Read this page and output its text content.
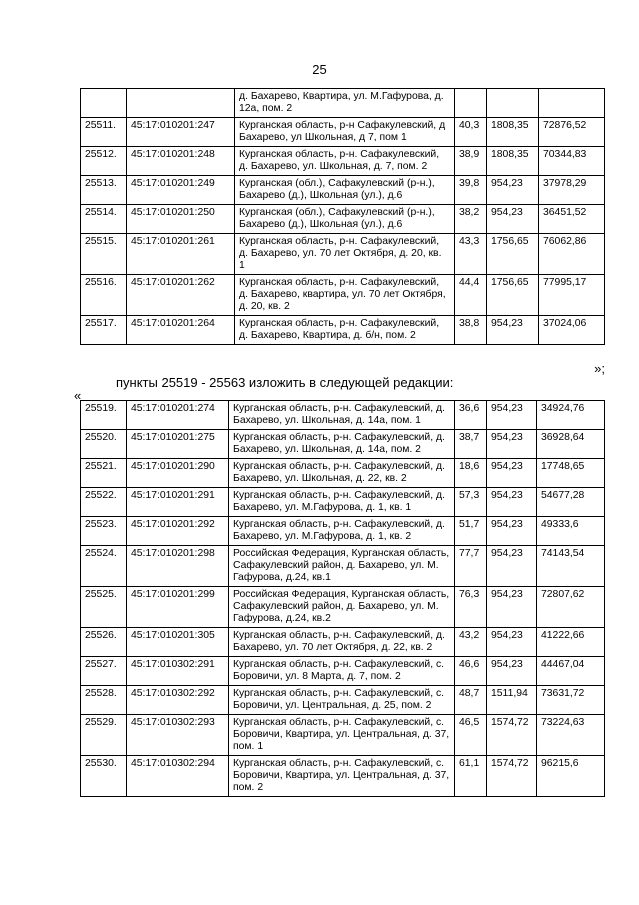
25
		д. Бахарево, Квартира, ул. М.Гафурова, д. 12а, пом. 2			
25511.	45:17:010201:247	Курганская область, р-н Сафакулевский, д Бахарево, ул Школьная, д 7, пом 1	40,3	1808,35	72876,52
25512.	45:17:010201:248	Курганская область, р-н. Сафакулевский, д. Бахарево, ул. Школьная, д. 7, пом. 2	38,9	1808,35	70344,83
25513.	45:17:010201:249	Курганская (обл.), Сафакулевский (р-н.), Бахарево (д.), Школьная (ул.), д.6	39,8	954,23	37978,29
25514.	45:17:010201:250	Курганская (обл.), Сафакулевский (р-н.), Бахарево (д.), Школьная (ул.), д.6	38,2	954,23	36451,52
25515.	45:17:010201:261	Курганская область, р-н. Сафакулевский, д. Бахарево, ул. 70 лет Октября, д. 20, кв. 1	43,3	1756,65	76062,86
25516.	45:17:010201:262	Курганская область, р-н. Сафакулевский, д. Бахарево, квартира, ул. 70 лет Октября, д. 20, кв. 2	44,4	1756,65	77995,17
25517.	45:17:010201:264	Курганская область, р-н. Сафакулевский, д. Бахарево, Квартира, д. б/н, пом. 2	38,8	954,23	37024,06
»;
пункты 25519 - 25563 изложить в следующей редакции:
«
25519.	45:17:010201:274	Курганская область, р-н. Сафакулевский, д. Бахарево, ул. Школьная, д. 14а, пом. 1	36,6	954,23	34924,76
25520.	45:17:010201:275	Курганская область, р-н. Сафакулевский, д. Бахарево, ул. Школьная, д. 14а, пом. 2	38,7	954,23	36928,64
25521.	45:17:010201:290	Курганская область, р-н. Сафакулевский, д. Бахарево, ул. Школьная, д. 22, кв. 2	18,6	954,23	17748,65
25522.	45:17:010201:291	Курганская область, р-н. Сафакулевский, д. Бахарево, ул. М.Гафурова, д. 1, кв. 1	57,3	954,23	54677,28
25523.	45:17:010201:292	Курганская область, р-н. Сафакулевский, д. Бахарево, ул. М.Гафурова, д. 1, кв. 2	51,7	954,23	49333,6
25524.	45:17:010201:298	Российская Федерация, Курганская область, Сафакулевский район, д. Бахарево, ул. М. Гафурова, д.24, кв.1	77,7	954,23	74143,54
25525.	45:17:010201:299	Российская Федерация, Курганская область, Сафакулевский район, д. Бахарево, ул. М. Гафурова, д.24, кв.2	76,3	954,23	72807,62
25526.	45:17:010201:305	Курганская область, р-н. Сафакулевский, д. Бахарево, ул. 70 лет Октября, д. 22, кв. 2	43,2	954,23	41222,66
25527.	45:17:010302:291	Курганская область, р-н. Сафакулевский, с. Боровичи, ул. 8 Марта, д. 7, пом. 2	46,6	954,23	44467,04
25528.	45:17:010302:292	Курганская область, р-н. Сафакулевский, с. Боровичи, ул. Центральная, д. 25, пом. 2	48,7	1511,94	73631,72
25529.	45:17:010302:293	Курганская область, р-н. Сафакулевский, с. Боровичи, Квартира, ул. Центральная, д. 37, пом. 1	46,5	1574,72	73224,63
25530.	45:17:010302:294	Курганская область, р-н. Сафакулевский, с. Боровичи, Квартира, ул. Центральная, д. 37, пом. 2	61,1	1574,72	96215,6
